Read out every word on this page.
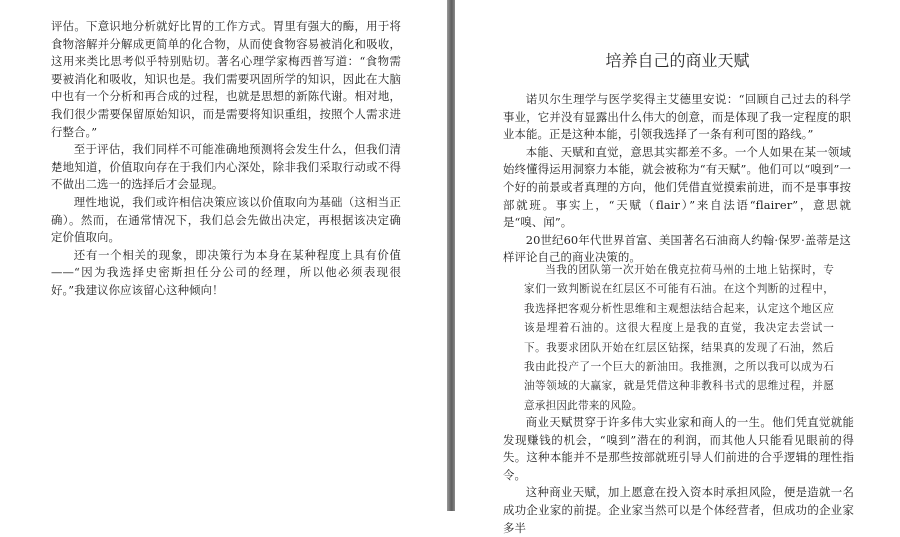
评估。下意识地分析就好比胃的工作方式。胃里有强大的酶，用于将食物溶解并分解成更简单的化合物，从而使食物容易被消化和吸收，这用来类比思考似乎特别贴切。著名心理学家梅西普写道：“食物需要被消化和吸收，知识也是。我们需要巩固所学的知识，因此在大脑中也有一个分析和再合成的过程，也就是思想的新陈代谢。相对地，我们很少需要保留原始知识，而是需要将知识重组，按照个人需求进行整合。”

至于评估，我们同样不可能准确地预测将会发生什么，但我们清楚地知道，价值取向存在于我们内心深处，除非我们采取行动或不得不做出二选一的选择后才会显现。

理性地说，我们或许相信决策应该以价值取向为基础（这相当正确）。然而，在通常情况下，我们总会先做出决定，再根据该决定确定价值取向。

还有一个相关的现象，即决策行为本身在某种程度上具有价值——“因为我选择史密斯担任分公司的经理，所以他必须表现很好。”我建议你应该留心这种倾向！

培养自己的商业天赋

诺贝尔生理学与医学奖得主艾德里安说：“回顾自己过去的科学事业，它并没有显露出什么伟大的创意，而是体现了我一定程度的职业本能。正是这种本能，引领我选择了一条有利可图的路线。”

本能、天赋和直觉，意思其实都差不多。一个人如果在某一领域始终懂得运用洞察力本能，就会被称为“有天赋”。他们可以“嗅到”一个好的前景或者真理的方向，他们凭借直觉摸索前进，而不是事事按部就班。事实上，“天赋（flair）”来自法语“flairer”，意思就是“嗅、闻”。

20世纪60年代世界首富、美国著名石油商人约翰·保罗·盖蒂是这样评论自己的商业决策的。

当我的团队第一次开始在俄克拉荷马州的土地上钻探时，专家们一致判断说在红层区不可能有石油。在这个判断的过程中，我选择把客观分析性思维和主观想法结合起来，认定这个地区应该是埋着石油的。这很大程度上是我的直觉，我决定去尝试一下。我要求团队开始在红层区钻探，结果真的发现了石油，然后我由此投产了一个巨大的新油田。我推测，之所以我可以成为石油等领域的大赢家，就是凭借这种非教科书式的思维过程，并愿意承担因此带来的风险。

商业天赋贯穿于许多伟大实业家和商人的一生。他们凭直觉就能发现赚钱的机会，“嗅到”潜在的利润，而其他人只能看见眼前的得失。这种本能并不是那些按部就班引导人们前进的合乎逻辑的理性指令。

这种商业天赋，加上愿意在投入资本时承担风险，便是造就一名成功企业家的前提。企业家当然可以是个体经营者，但成功的企业家多半
